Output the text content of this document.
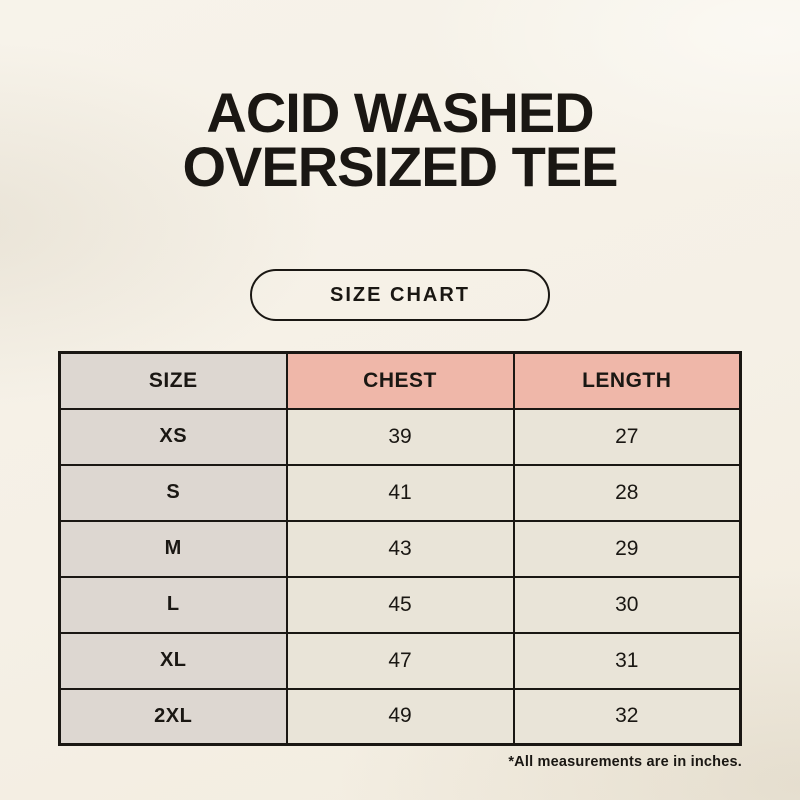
ACID WASHED
OVERSIZED TEE
SIZE CHART
SIZE	CHEST	LENGTH
XS	39	27
S	41	28
M	43	29
L	45	30
XL	47	31
2XL	49	32
*All measurements are in inches.
